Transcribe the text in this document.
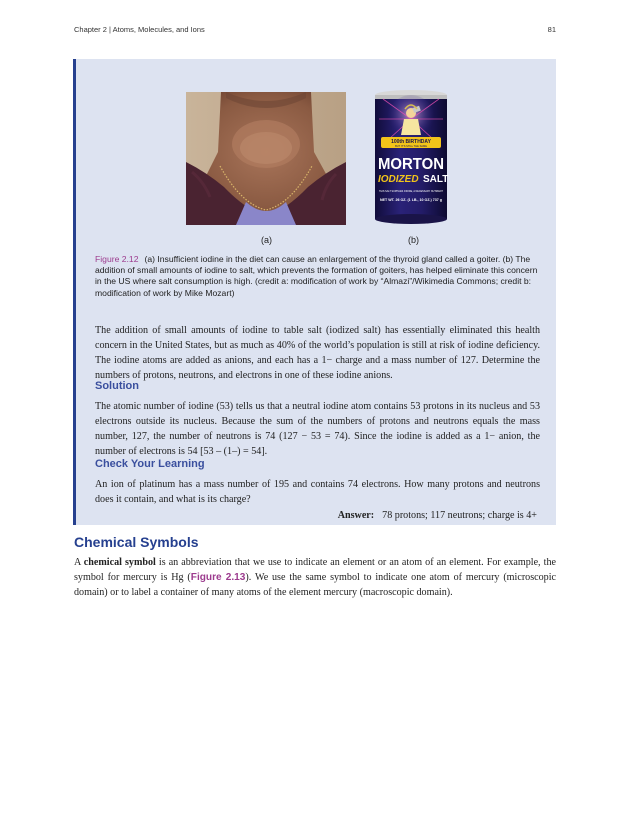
Chapter 2 | Atoms, Molecules, and Ions	81
100th BIRTHDAY
BUT IT'S STILL THE SAME
MORTON
IODIZED SALT
THIS SALT SUPPLIES IODIDE, A NECESSARY NUTRIENT
NET WT. 26 OZ. (1 LB., 10 OZ.) 737 g
(a)	(b)
Figure 2.12 (a) Insufficient iodine in the diet can cause an enlargement of the thyroid gland called a goiter. (b) The addition of small amounts of iodine to salt, which prevents the formation of goiters, has helped eliminate this concern in the US where salt consumption is high. (credit a: modification of work by “Almazi”/Wikimedia Commons; credit b: modification of work by Mike Mozart)
The addition of small amounts of iodine to table salt (iodized salt) has essentially eliminated this health concern in the United States, but as much as 40% of the world’s population is still at risk of iodine deficiency. The iodine atoms are added as anions, and each has a 1− charge and a mass number of 127. Determine the numbers of protons, neutrons, and electrons in one of these iodine anions.
Solution
The atomic number of iodine (53) tells us that a neutral iodine atom contains 53 protons in its nucleus and 53 electrons outside its nucleus. Because the sum of the numbers of protons and neutrons equals the mass number, 127, the number of neutrons is 74 (127 − 53 = 74). Since the iodine is added as a 1− anion, the number of electrons is 54 [53 – (1–) = 54].
Check Your Learning
An ion of platinum has a mass number of 195 and contains 74 electrons. How many protons and neutrons does it contain, and what is its charge?
Answer: 78 protons; 117 neutrons; charge is 4+
Chemical Symbols
A chemical symbol is an abbreviation that we use to indicate an element or an atom of an element. For example, the symbol for mercury is Hg (Figure 2.13). We use the same symbol to indicate one atom of mercury (microscopic domain) or to label a container of many atoms of the element mercury (macroscopic domain).
